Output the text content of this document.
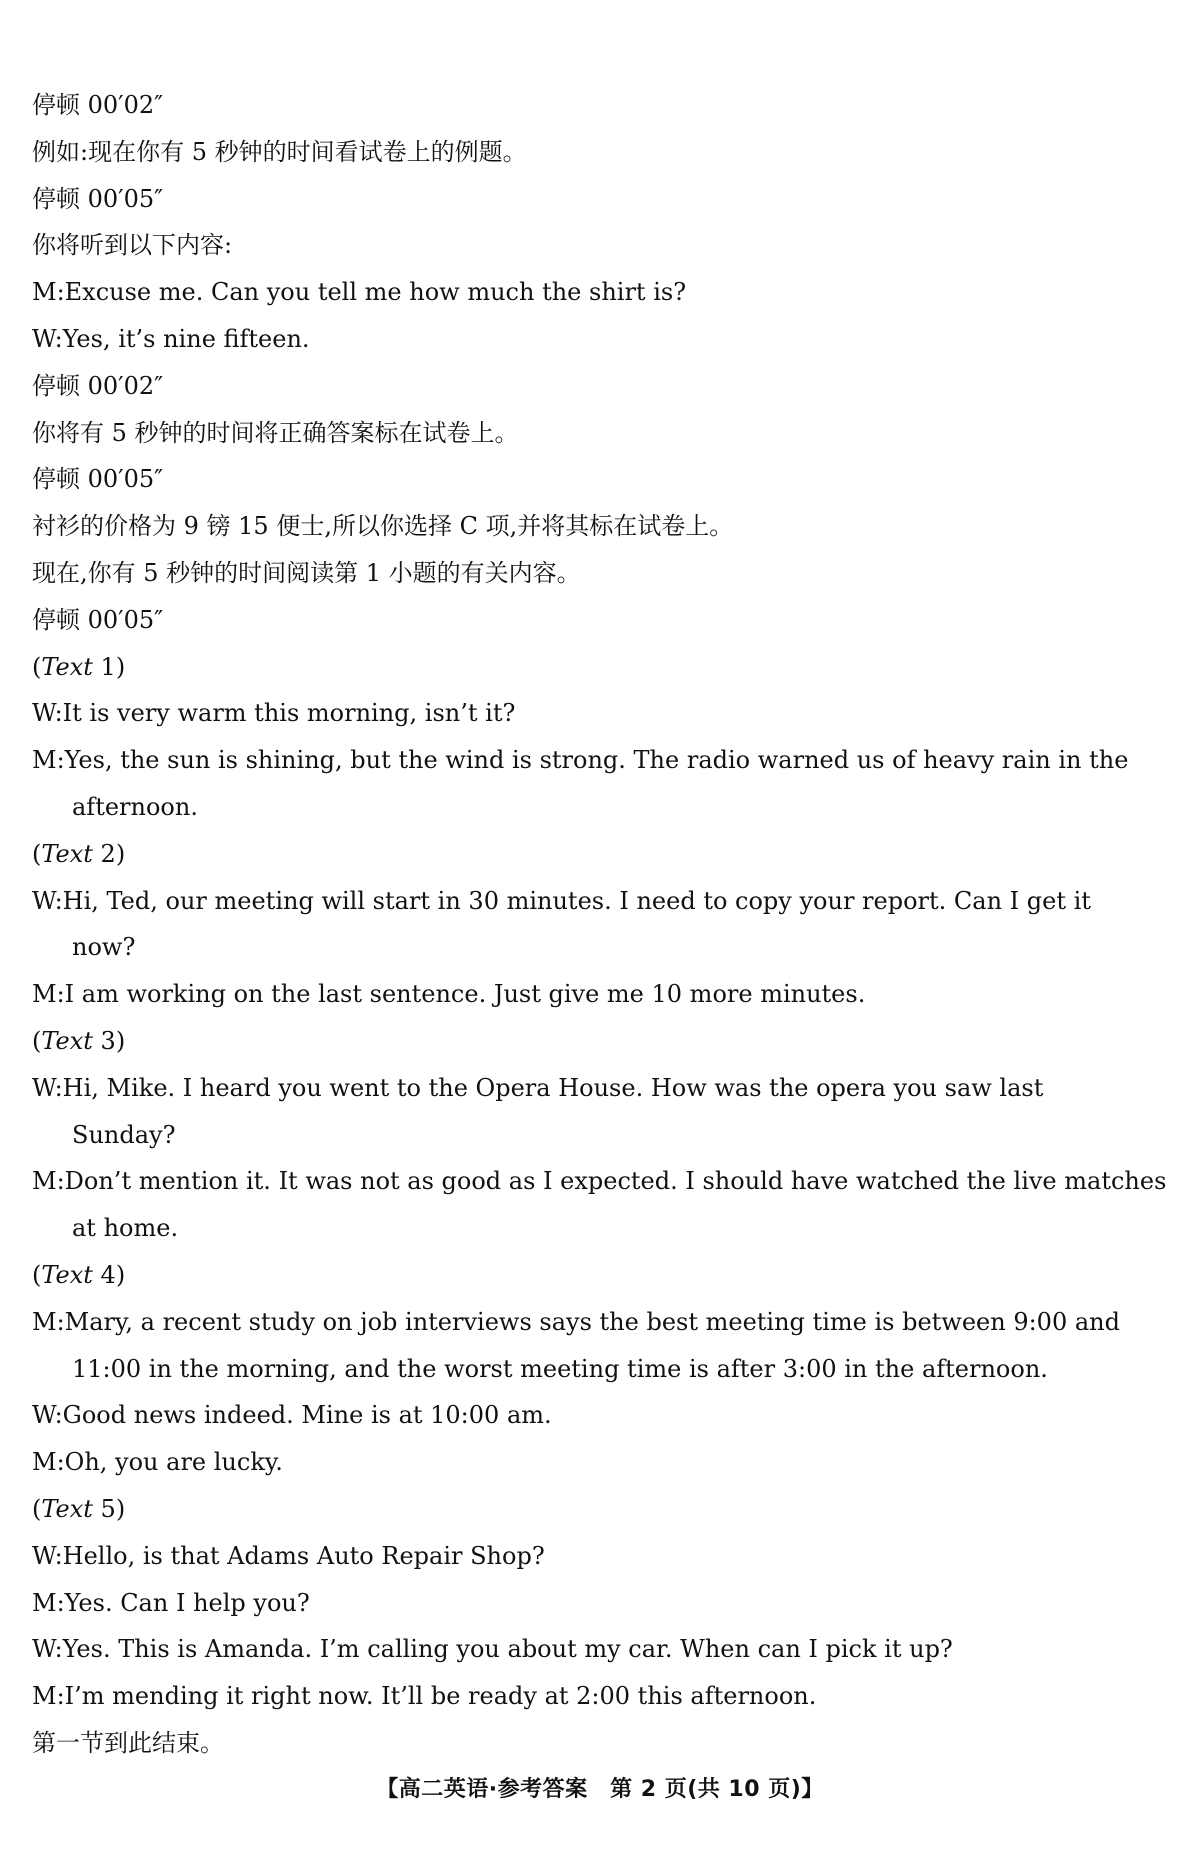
停顿 00′02″
例如:现在你有 5 秒钟的时间看试卷上的例题。
停顿 00′05″
你将听到以下内容:
M:Excuse me. Can you tell me how much the shirt is?
W:Yes, it’s nine fifteen.
停顿 00′02″
你将有 5 秒钟的时间将正确答案标在试卷上。
停顿 00′05″
衬衫的价格为 9 镑 15 便士,所以你选择 C 项,并将其标在试卷上。
现在,你有 5 秒钟的时间阅读第 1 小题的有关内容。
停顿 00′05″
(Text 1)
W:It is very warm this morning, isn’t it?
M:Yes, the sun is shining, but the wind is strong. The radio warned us of heavy rain in the
afternoon.
(Text 2)
W:Hi, Ted, our meeting will start in 30 minutes. I need to copy your report. Can I get it
now?
M:I am working on the last sentence. Just give me 10 more minutes.
(Text 3)
W:Hi, Mike. I heard you went to the Opera House. How was the opera you saw last
Sunday?
M:Don’t mention it. It was not as good as I expected. I should have watched the live matches
at home.
(Text 4)
M:Mary, a recent study on job interviews says the best meeting time is between 9:00 and
11:00 in the morning, and the worst meeting time is after 3:00 in the afternoon.
W:Good news indeed. Mine is at 10:00 am.
M:Oh, you are lucky.
(Text 5)
W:Hello, is that Adams Auto Repair Shop?
M:Yes. Can I help you?
W:Yes. This is Amanda. I’m calling you about my car. When can I pick it up?
M:I’m mending it right now. It’ll be ready at 2:00 this afternoon.
第一节到此结束。
【高二英语·参考答案　第 2 页(共 10 页)】
